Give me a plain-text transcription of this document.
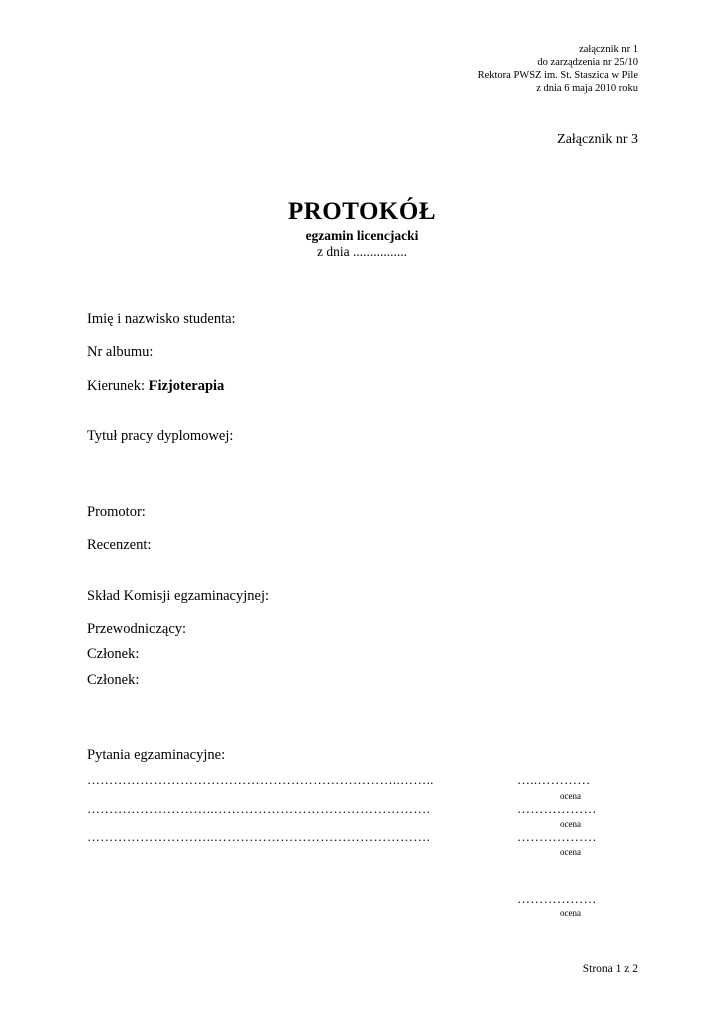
załącznik nr 1
do zarządzenia nr 25/10
Rektora PWSZ im. St. Staszica w Pile
z dnia 6 maja 2010 roku
Załącznik nr 3
PROTOKÓŁ
egzamin licencjacki
z dnia ................
Imię i nazwisko studenta:
Nr albumu:
Kierunek: Fizjoterapia
Tytuł pracy dyplomowej:
Promotor:
Recenzent:
Skład Komisji egzaminacyjnej:
Przewodniczący:
Członek:
Członek:
Pytania egzaminacyjne:
……………………………………………………………..……..	…..…………
ocena
………………………..………………………………………….	………………
ocena
………………………..………………………………………….	………………
ocena
………………
ocena
Strona 1 z 2
